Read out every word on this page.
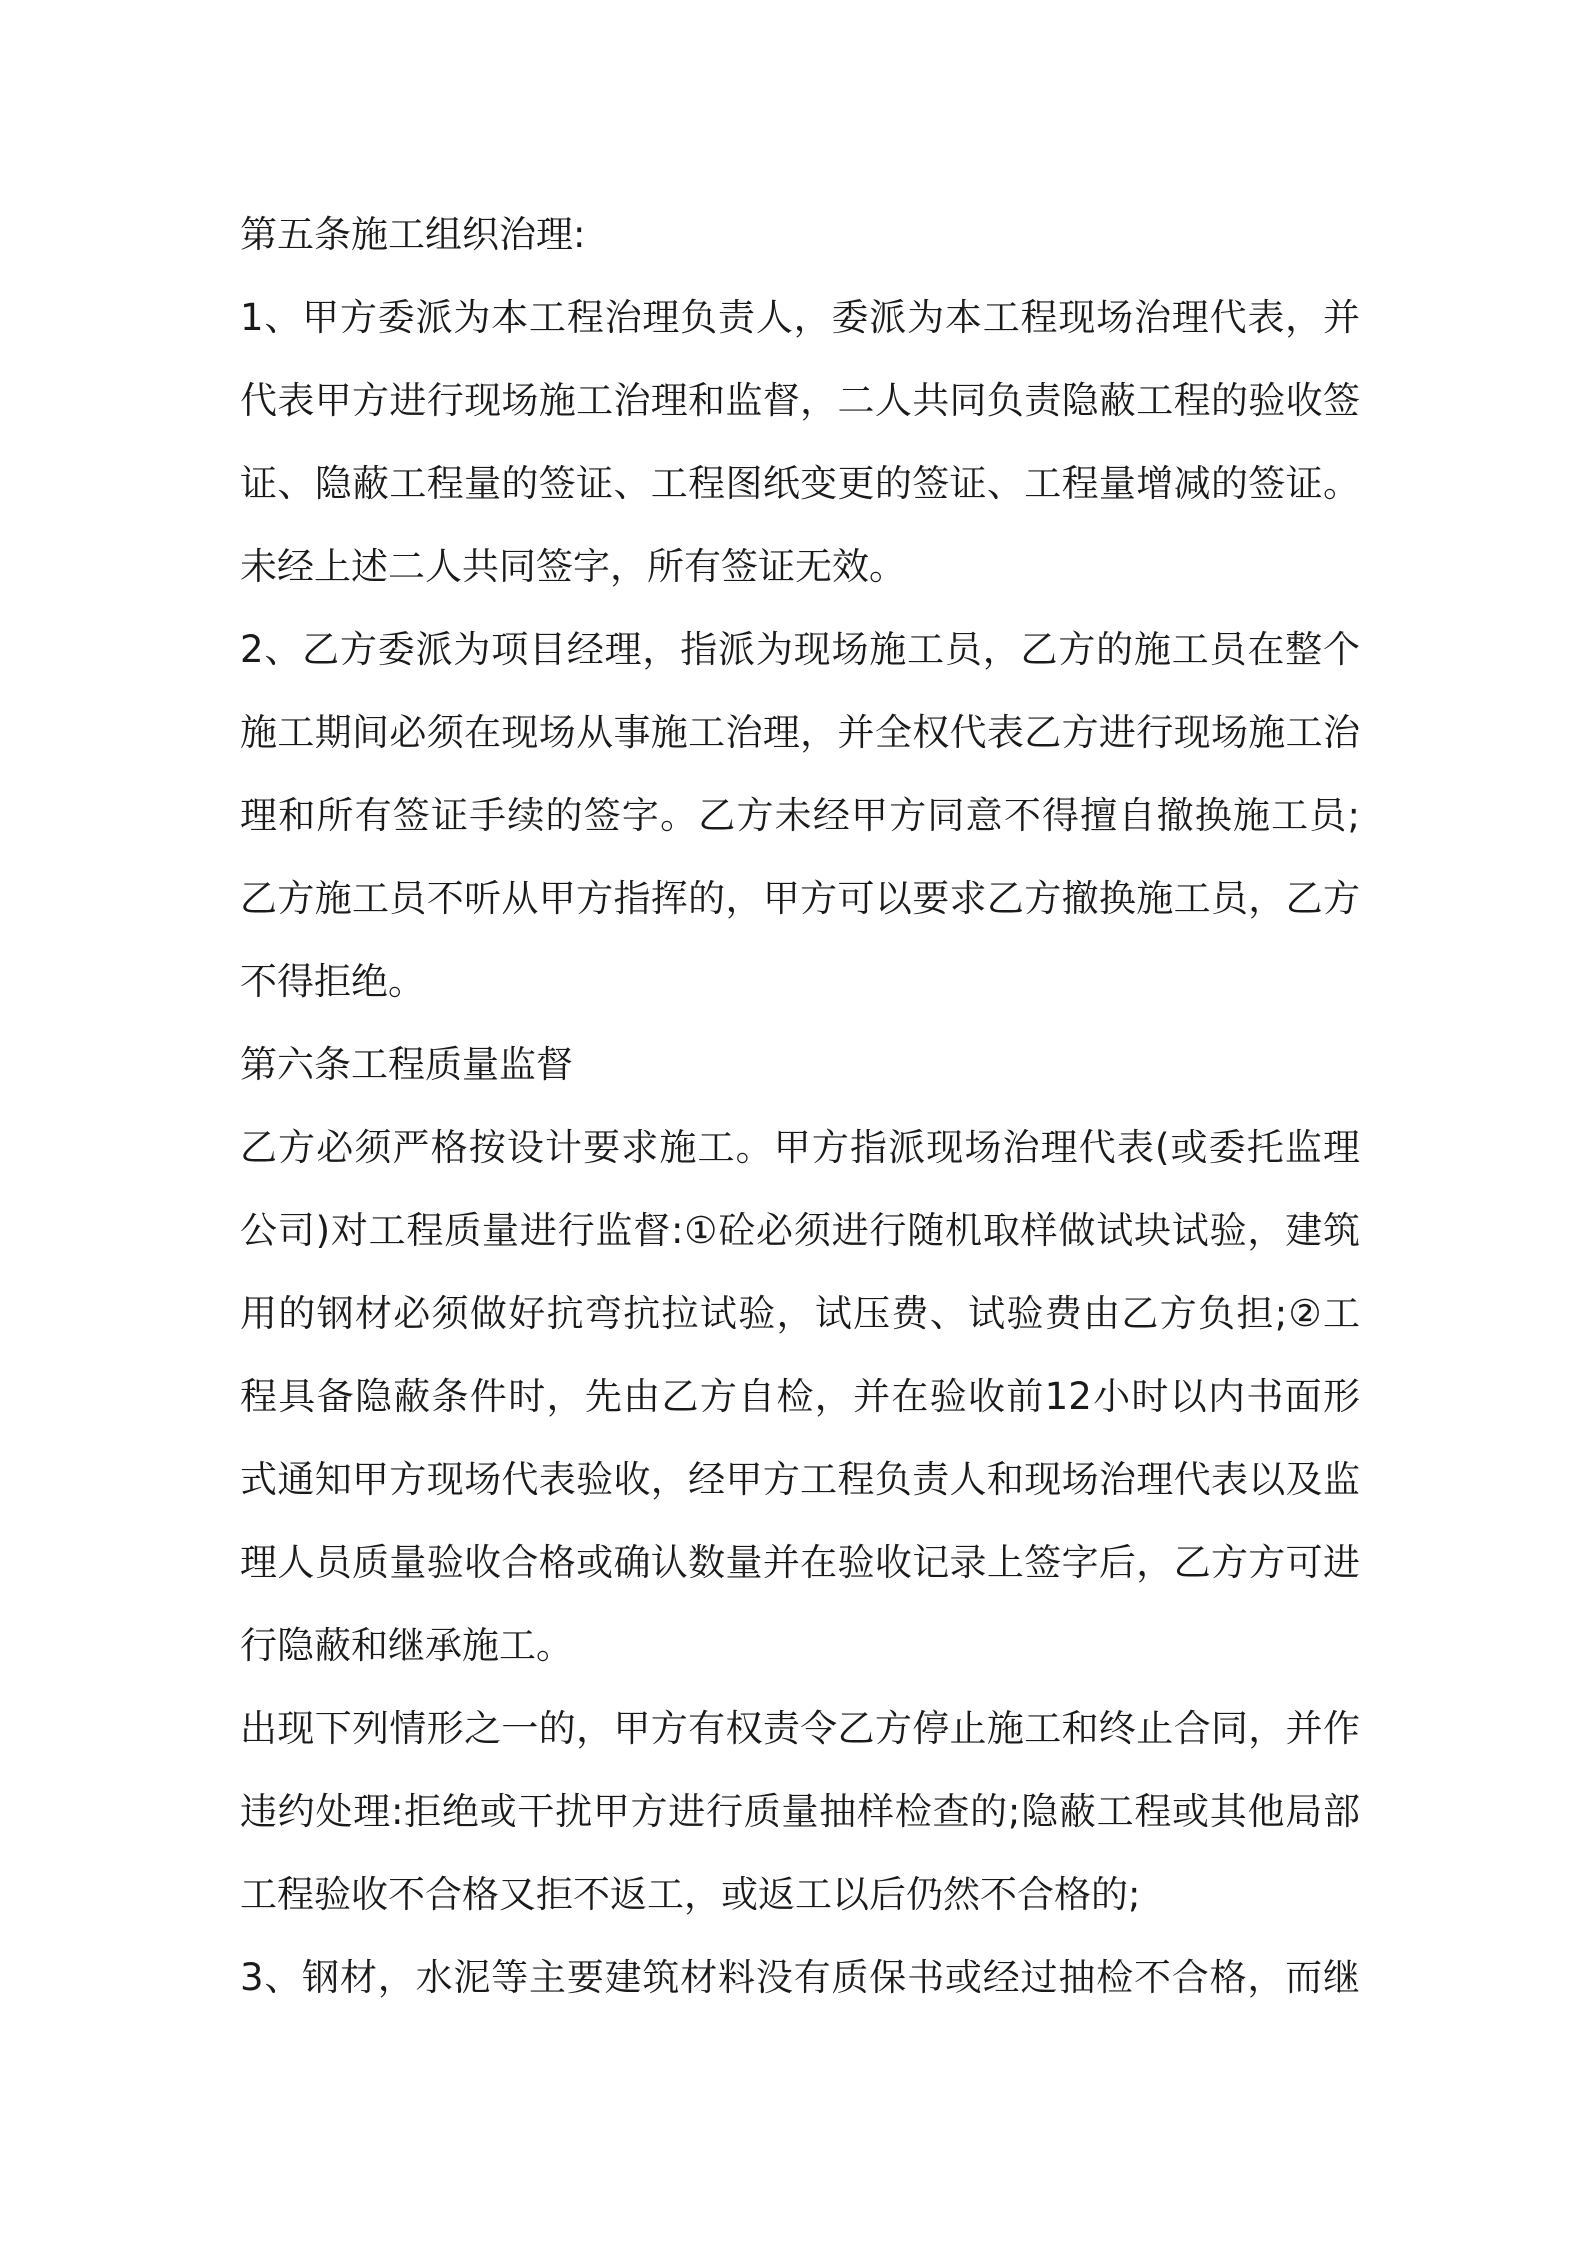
第五条施工组织治理:
1、甲方委派为本工程治理负责人，委派为本工程现场治理代表，并
代表甲方进行现场施工治理和监督，二人共同负责隐蔽工程的验收签
证、隐蔽工程量的签证、工程图纸变更的签证、工程量增减的签证。
未经上述二人共同签字，所有签证无效。
2、乙方委派为项目经理，指派为现场施工员，乙方的施工员在整个
施工期间必须在现场从事施工治理，并全权代表乙方进行现场施工治
理和所有签证手续的签字。乙方未经甲方同意不得擅自撤换施工员;
乙方施工员不听从甲方指挥的，甲方可以要求乙方撤换施工员，乙方
不得拒绝。
第六条工程质量监督
乙方必须严格按设计要求施工。甲方指派现场治理代表(或委托监理
公司)对工程质量进行监督:①砼必须进行随机取样做试块试验，建筑
用的钢材必须做好抗弯抗拉试验，试压费、试验费由乙方负担;②工
程具备隐蔽条件时，先由乙方自检，并在验收前12小时以内书面形
式通知甲方现场代表验收，经甲方工程负责人和现场治理代表以及监
理人员质量验收合格或确认数量并在验收记录上签字后，乙方方可进
行隐蔽和继承施工。
出现下列情形之一的，甲方有权责令乙方停止施工和终止合同，并作
违约处理:拒绝或干扰甲方进行质量抽样检查的;隐蔽工程或其他局部
工程验收不合格又拒不返工，或返工以后仍然不合格的;
3、钢材，水泥等主要建筑材料没有质保书或经过抽检不合格，而继
